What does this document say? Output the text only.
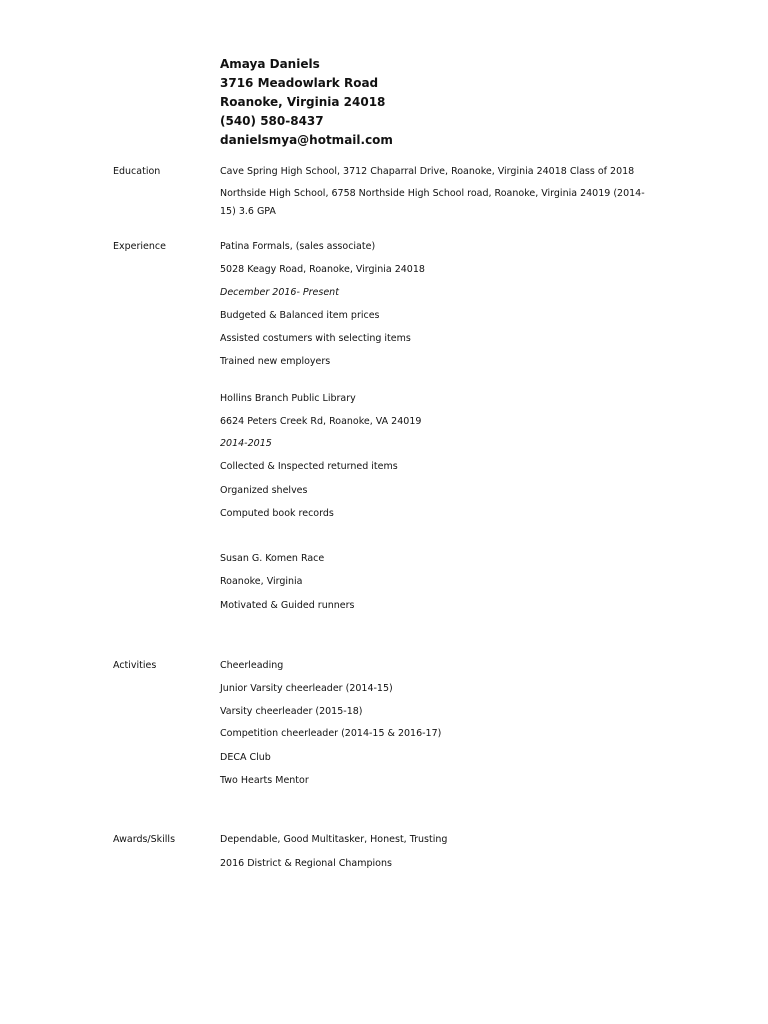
Amaya Daniels
3716 Meadowlark Road
Roanoke, Virginia 24018
(540) 580-8437
danielsmya@hotmail.com
Education	Cave Spring High School, 3712 Chaparral Drive, Roanoke, Virginia 24018 Class of 2018
Northside High School, 6758 Northside High School road, Roanoke, Virginia 24019 (2014-15) 3.6 GPA
Experience	Patina Formals, (sales associate)
5028 Keagy Road, Roanoke, Virginia 24018
December 2016- Present
Budgeted & Balanced item prices
Assisted costumers with selecting items
Trained new employers
Hollins Branch Public Library
6624 Peters Creek Rd, Roanoke, VA 24019
2014-2015
Collected & Inspected returned items
Organized shelves
Computed book records
Susan G. Komen Race
Roanoke, Virginia
Motivated & Guided runners
Activities	Cheerleading
Junior Varsity cheerleader (2014-15)
Varsity cheerleader (2015-18)
Competition cheerleader (2014-15 & 2016-17)
DECA Club
Two Hearts Mentor
Awards/Skills	Dependable, Good Multitasker, Honest, Trusting
2016 District & Regional Champions
